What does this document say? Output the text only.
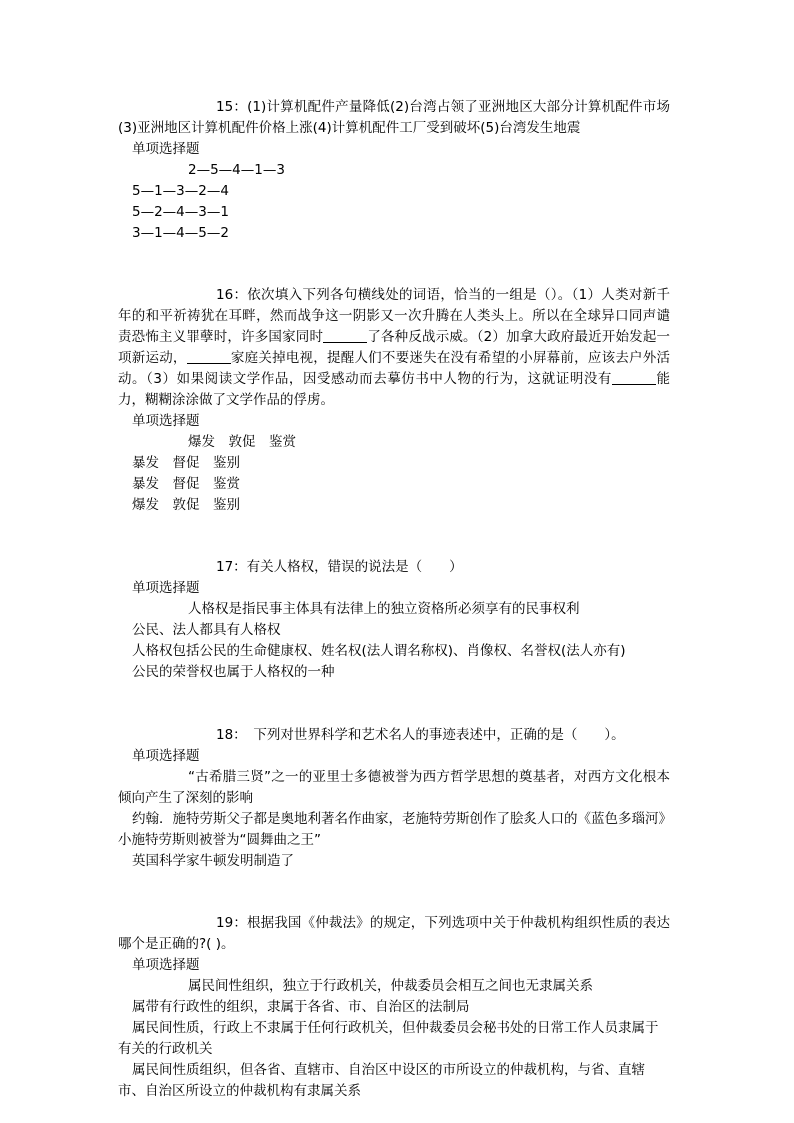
15：(1)计算机配件产量降低(2)台湾占领了亚洲地区大部分计算机配件市场(3)亚洲地区计算机配件价格上涨(4)计算机配件工厂受到破坏(5)台湾发生地震
单项选择题
2—5—4—1—3
5—1—3—2—4
5—2—4—3—1
3—1—4—5—2
16：依次填入下列各句横线处的词语，恰当的一组是（）。（1）人类对新千年的和平祈祷犹在耳畔，然而战争这一阴影又一次升腾在人类头上。所以在全球异口同声谴责恐怖主义罪孽时，许多国家同时	了各种反战示威。（2）加拿大政府最近开始发起一项新运动，	家庭关掉电视，提醒人们不要迷失在没有希望的小屏幕前，应该去户外活动。（3）如果阅读文学作品，因受感动而去摹仿书中人物的行为，这就证明没有	能力，糊糊涂涂做了文学作品的俘虏。
单项选择题
爆发　敦促　鉴赏
暴发　督促　鉴别
暴发　督促　鉴赏
爆发　敦促　鉴别
17：有关人格权，错误的说法是（　　）
单项选择题
人格权是指民事主体具有法律上的独立资格所必须享有的民事权利
公民、法人都具有人格权
人格权包括公民的生命健康权、姓名权(法人谓名称权)、肖像权、名誉权(法人亦有)
公民的荣誉权也属于人格权的一种
18：　下列对世界科学和艺术名人的事迹表述中，正确的是（　　）。
单项选择题
“古希腊三贤”之一的亚里士多德被誉为西方哲学思想的奠基者，对西方文化根本倾向产生了深刻的影响
约翰．施特劳斯父子都是奥地利著名作曲家，老施特劳斯创作了脍炙人口的《蓝色多瑙河》小施特劳斯则被誉为“圆舞曲之王”
英国科学家牛顿发明制造了
19：根据我国《仲裁法》的规定，下列选项中关于仲裁机构组织性质的表达哪个是正确的?( )。
单项选择题
属民间性组织，独立于行政机关，仲裁委员会相互之间也无隶属关系
属带有行政性的组织，隶属于各省、市、自治区的法制局
属民间性质，行政上不隶属于任何行政机关，但仲裁委员会秘书处的日常工作人员隶属于有关的行政机关
属民间性质组织，但各省、直辖市、自治区中设区的市所设立的仲裁机构，与省、直辖市、自治区所设立的仲裁机构有隶属关系
